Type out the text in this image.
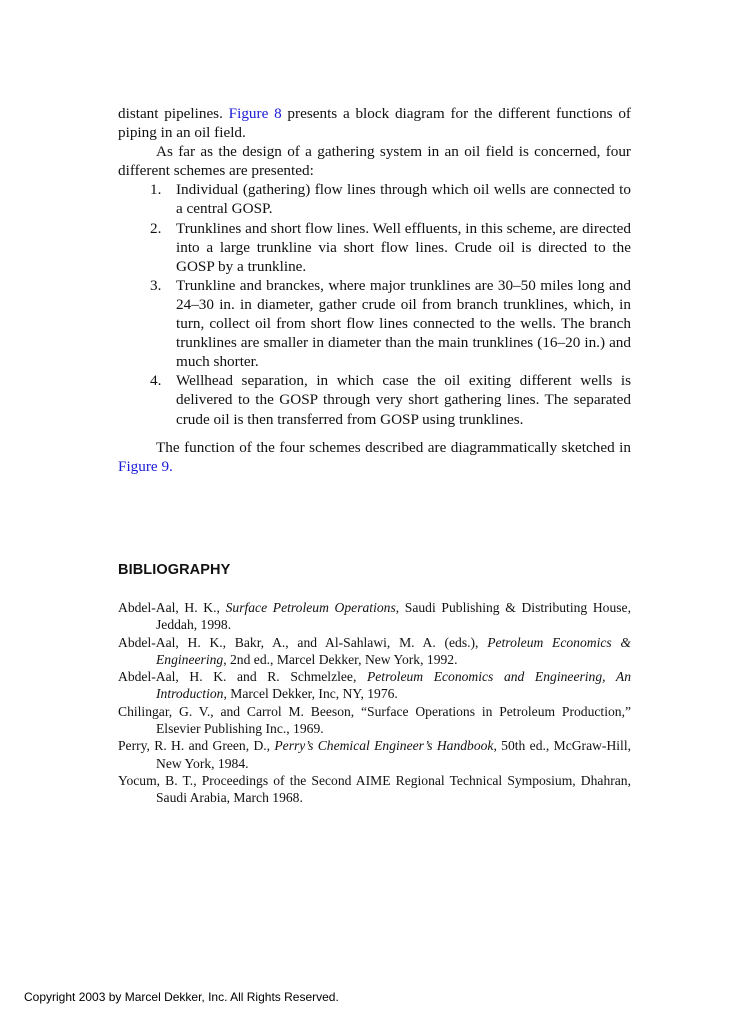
distant pipelines. Figure 8 presents a block diagram for the different functions of piping in an oil field.

As far as the design of a gathering system in an oil field is concerned, four different schemes are presented:

1. Individual (gathering) flow lines through which oil wells are connected to a central GOSP.
2. Trunklines and short flow lines. Well effluents, in this scheme, are directed into a large trunkline via short flow lines. Crude oil is directed to the GOSP by a trunkline.
3. Trunkline and branckes, where major trunklines are 30–50 miles long and 24–30 in. in diameter, gather crude oil from branch trunklines, which, in turn, collect oil from short flow lines connected to the wells. The branch trunklines are smaller in diameter than the main trunklines (16–20 in.) and much shorter.
4. Wellhead separation, in which case the oil exiting different wells is delivered to the GOSP through very short gathering lines. The separated crude oil is then transferred from GOSP using trunklines.

The function of the four schemes described are diagrammatically sketched in Figure 9.

BIBLIOGRAPHY
Abdel-Aal, H. K., Surface Petroleum Operations, Saudi Publishing & Distributing House, Jeddah, 1998.
Abdel-Aal, H. K., Bakr, A., and Al-Sahlawi, M. A. (eds.), Petroleum Economics & Engineering, 2nd ed., Marcel Dekker, New York, 1992.
Abdel-Aal, H. K. and R. Schmelzlee, Petroleum Economics and Engineering, An Introduction, Marcel Dekker, Inc, NY, 1976.
Chilingar, G. V., and Carrol M. Beeson, “Surface Operations in Petroleum Production,” Elsevier Publishing Inc., 1969.
Perry, R. H. and Green, D., Perry’s Chemical Engineer’s Handbook, 50th ed., McGraw-Hill, New York, 1984.
Yocum, B. T., Proceedings of the Second AIME Regional Technical Symposium, Dhahran, Saudi Arabia, March 1968.
Copyright 2003 by Marcel Dekker, Inc. All Rights Reserved.
